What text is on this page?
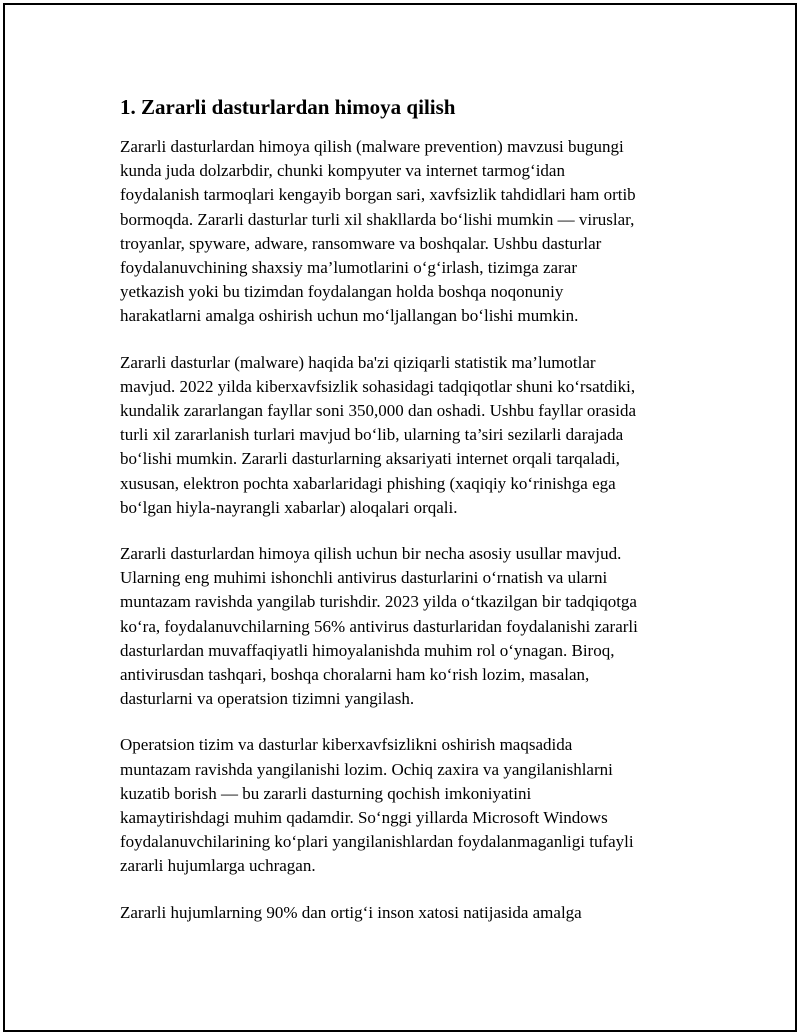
1. Zararli dasturlardan himoya qilish

Zararli dasturlardan himoya qilish (malware prevention) mavzusi bugungi
kunda juda dolzarbdir, chunki kompyuter va internet tarmog‘idan
foydalanish tarmoqlari kengayib borgan sari, xavfsizlik tahdidlari ham ortib
bormoqda. Zararli dasturlar turli xil shakllarda bo‘lishi mumkin — viruslar,
troyanlar, spyware, adware, ransomware va boshqalar. Ushbu dasturlar
foydalanuvchining shaxsiy ma’lumotlarini o‘g‘irlash, tizimga zarar
yetkazish yoki bu tizimdan foydalangan holda boshqa noqonuniy
harakatlarni amalga oshirish uchun mo‘ljallangan bo‘lishi mumkin.

Zararli dasturlar (malware) haqida ba'zi qiziqarli statistik ma’lumotlar
mavjud. 2022 yilda kiberxavfsizlik sohasidagi tadqiqotlar shuni ko‘rsatdiki,
kundalik zararlangan fayllar soni 350,000 dan oshadi. Ushbu fayllar orasida
turli xil zararlanish turlari mavjud bo‘lib, ularning ta’siri sezilarli darajada
bo‘lishi mumkin. Zararli dasturlarning aksariyati internet orqali tarqaladi,
xususan, elektron pochta xabarlaridagi phishing (xaqiqiy ko‘rinishga ega
bo‘lgan hiyla-nayrangli xabarlar) aloqalari orqali.

Zararli dasturlardan himoya qilish uchun bir necha asosiy usullar mavjud.
Ularning eng muhimi ishonchli antivirus dasturlarini o‘rnatish va ularni
muntazam ravishda yangilab turishdir. 2023 yilda o‘tkazilgan bir tadqiqotga
ko‘ra, foydalanuvchilarning 56% antivirus dasturlaridan foydalanishi zararli
dasturlardan muvaffaqiyatli himoyalanishda muhim rol o‘ynagan. Biroq,
antivirusdan tashqari, boshqa choralarni ham ko‘rish lozim, masalan,
dasturlarni va operatsion tizimni yangilash.

Operatsion tizim va dasturlar kiberxavfsizlikni oshirish maqsadida
muntazam ravishda yangilanishi lozim. Ochiq zaxira va yangilanishlarni
kuzatib borish — bu zararli dasturning qochish imkoniyatini
kamaytirishdagi muhim qadamdir. So‘nggi yillarda Microsoft Windows
foydalanuvchilarining ko‘plari yangilanishlardan foydalanmaganligi tufayli
zararli hujumlarga uchragan.

Zararli hujumlarning 90% dan ortig‘i inson xatosi natijasida amalga
